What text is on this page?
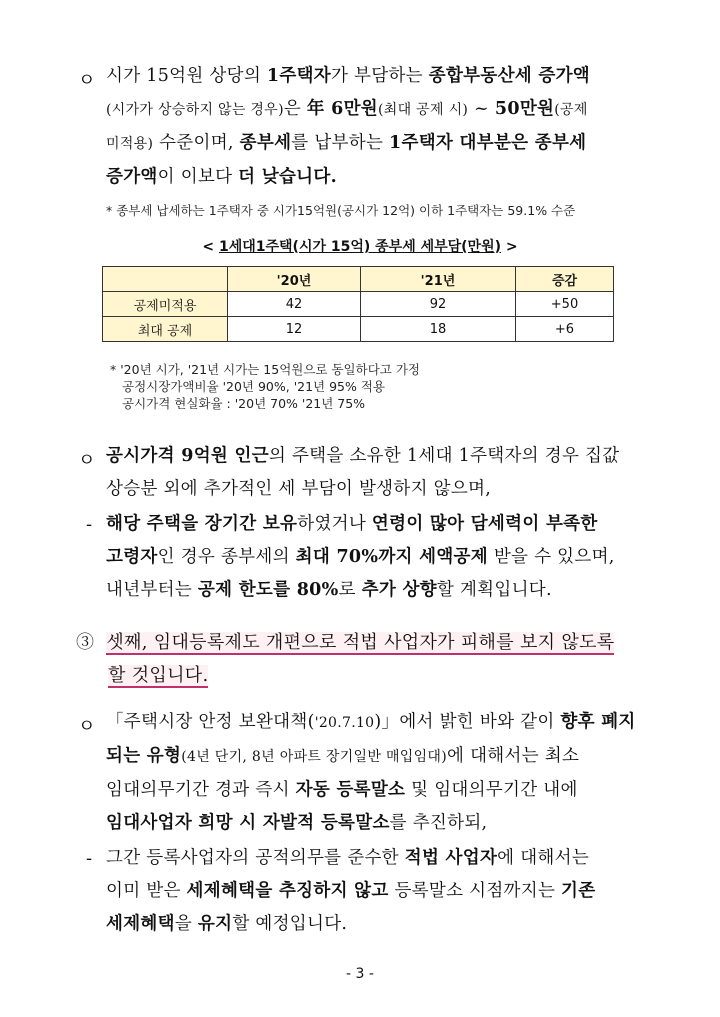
ㅇ 시가 15억원 상당의 1주택자가 부담하는 종합부동산세 증가액
(시가가 상승하지 않는 경우)은 年 6만원(최대 공제 시) ~ 50만원(공제
미적용) 수준이며, 종부세를 납부하는 1주택자 대부분은 종부세
증가액이 이보다 더 낮습니다.
* 종부세 납세하는 1주택자 중 시가15억원(공시가 12억) 이하 1주택자는 59.1% 수준
< 1세대1주택(시가 15억) 종부세 세부담(만원) >
	'20년	'21년	증감
공제미적용	42	92	+50
최대 공제	12	18	+6
* '20년 시가, '21년 시가는 15억원으로 동일하다고 가정
공정시장가액비율 '20년 90%, '21년 95% 적용
공시가격 현실화율 : '20년 70% '21년 75%
ㅇ 공시가격 9억원 인근의 주택을 소유한 1세대 1주택자의 경우 집값
상승분 외에 추가적인 세 부담이 발생하지 않으며,
- 해당 주택을 장기간 보유하였거나 연령이 많아 담세력이 부족한
고령자인 경우 종부세의 최대 70%까지 세액공제 받을 수 있으며,
내년부터는 공제 한도를 80%로 추가 상향할 계획입니다.
③ 셋째, 임대등록제도 개편으로 적법 사업자가 피해를 보지 않도록
할 것입니다.
ㅇ 「주택시장 안정 보완대책('20.7.10)」에서 밝힌 바와 같이 향후 폐지
되는 유형(4년 단기, 8년 아파트 장기일반 매입임대)에 대해서는 최소
임대의무기간 경과 즉시 자동 등록말소 및 임대의무기간 내에
임대사업자 희망 시 자발적 등록말소를 추진하되,
- 그간 등록사업자의 공적의무를 준수한 적법 사업자에 대해서는
이미 받은 세제혜택을 추징하지 않고 등록말소 시점까지는 기존
세제혜택을 유지할 예정입니다.
- 3 -
